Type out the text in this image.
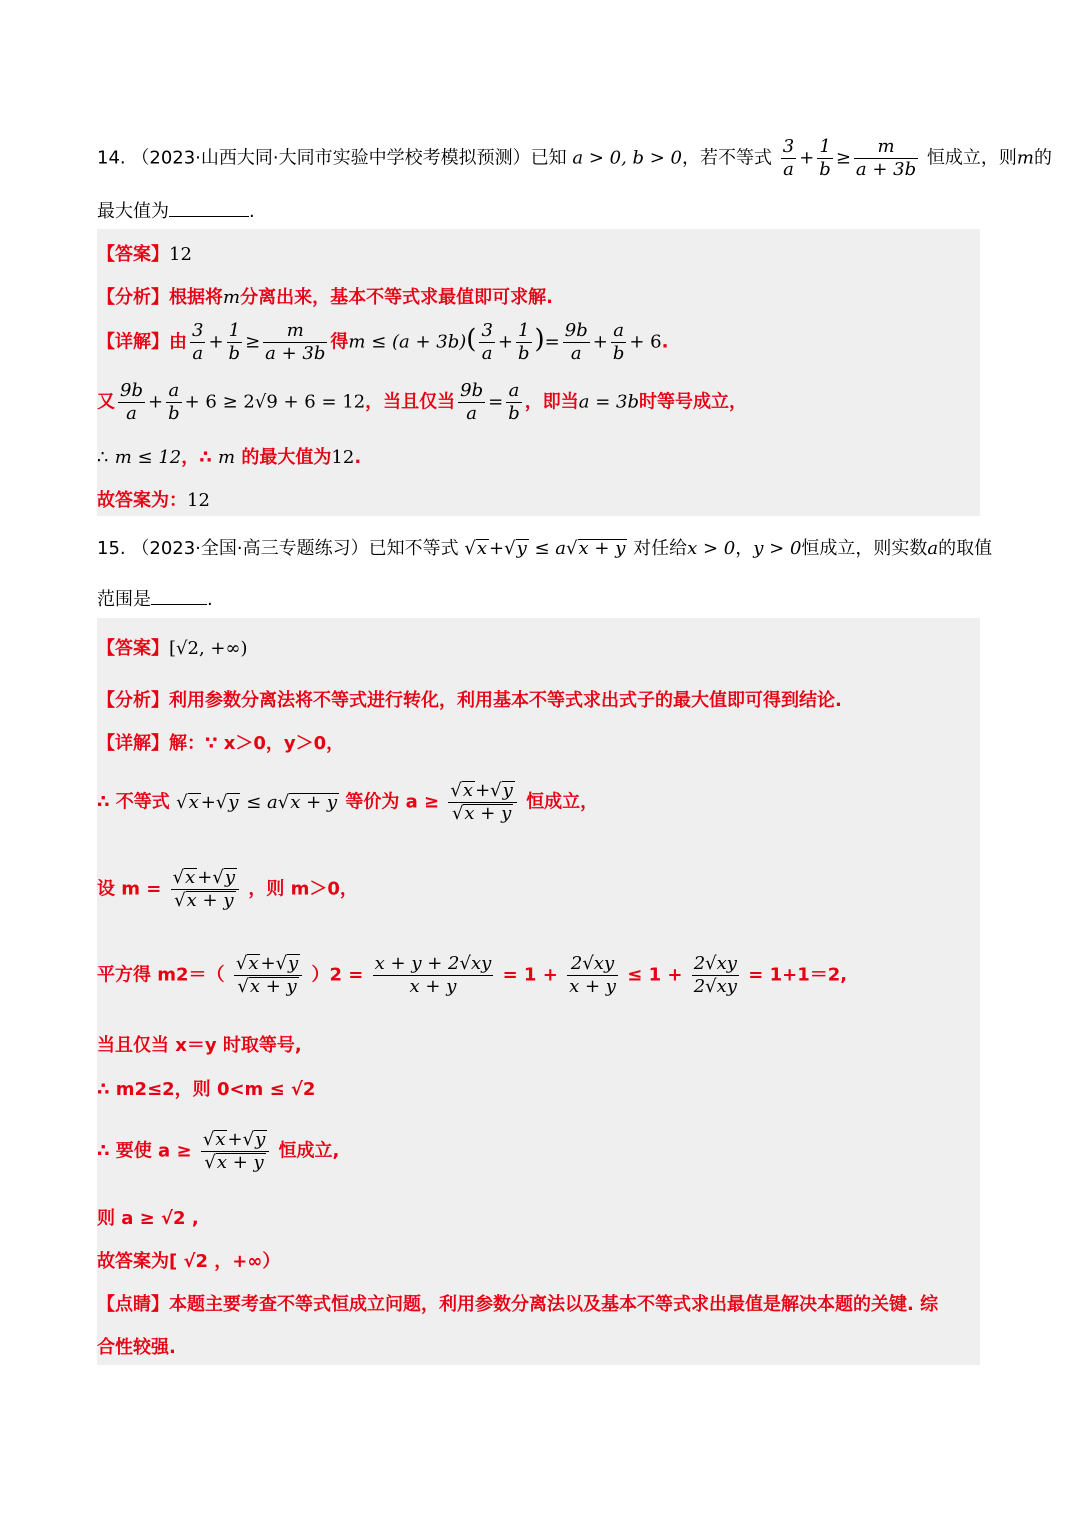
14. （2023·山西大同·大同市实验中学校考模拟预测）已知 a > 0, b > 0，若不等式 $\frac{3}{a} + \frac{1}{b} \ge \frac{m}{a + 3b}$ 恒成立，则m的
最大值为	.
【答案】12
【分析】根据将m分离出来，基本不等式求最值即可求解.
【详解】由 $\frac{3}{a} + \frac{1}{b} \ge \frac{m}{a + 3b}$ 得$m \le (a + 3b)( \frac{3}{a} + \frac{1}{b}$ )= $\frac{9b}{a} + \frac{a}{b} + 6$.
又 $\frac{9b}{a} + \frac{a}{b} + 6 \ge 2√9 + 6 = 12$，当且仅当 $\frac{9b}{a} = \frac{a}{b}$ ，即当a = 3b时等号成立，
∴ m ≤ 12，∴ m 的最大值为12.
故答案为：12
15. （2023·全国·高三专题练习）已知不等式 √x +√y ≤ a√x + y 对任给x > 0，y > 0恒成立，则实数a的取值
范围是	.
【答案】[√2, +∞)
【分析】利用参数分离法将不等式进行转化，利用基本不等式求出式子的最大值即可得到结论.
【详解】解：∵ x＞0，y＞0，
∴ 不等式 √x +√y ≤ a√x + y 等价为 $a \ge \frac{√x +√y}{√x + y}$ 恒成立，
设 $m = \frac{√x +√y}{√x + y}$ ，则 m＞0，
平方得 $m2=( \frac{√x +√y}{√x + y} )2 = \frac{x + y + 2√xy}{x + y} = 1 + \frac{2√xy}{x + y} \le 1 + \frac{2√xy}{2√xy} = 1+1=2$,
当且仅当 x＝y 时取等号,
∴ m2≤2，则 0<m ≤ √2
∴ 要使 $a \ge \frac{√x +√y}{√x + y}$ 恒成立,
则 a ≥ √2 ,
故答案为[ √2 ，+∞）
【点睛】本题主要考查不等式恒成立问题，利用参数分离法以及基本不等式求出最值是解决本题的关键. 综
合性较强.
